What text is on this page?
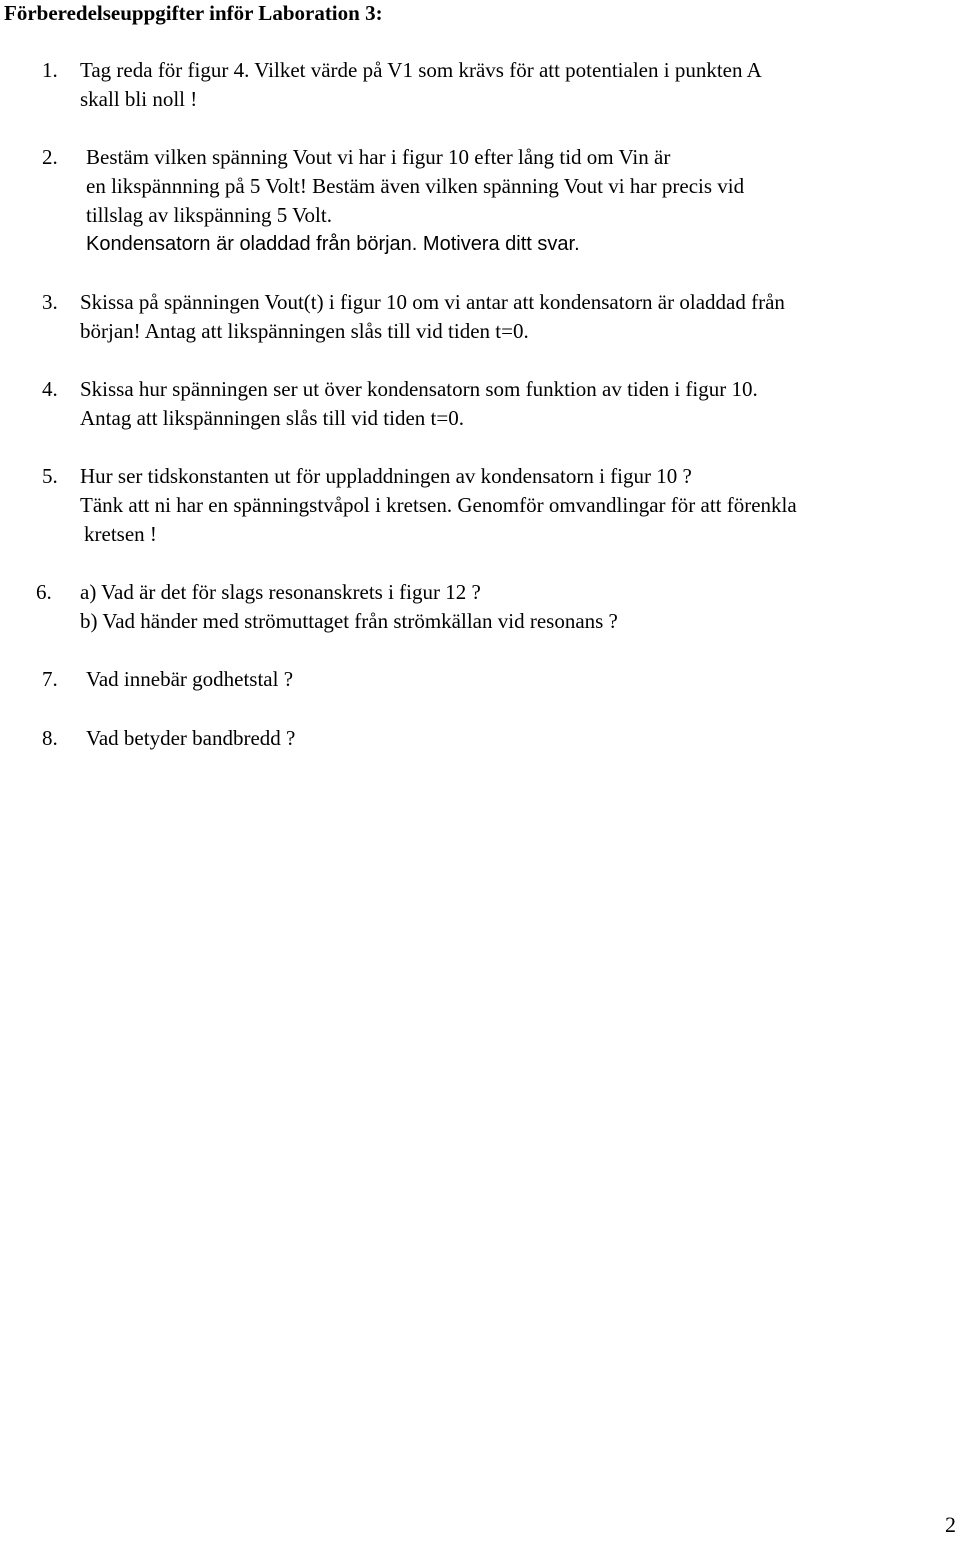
Förberedelseuppgifter inför Laboration 3:
1. Tag reda för figur 4. Vilket värde på V1 som krävs för att potentialen i punkten A
skall bli noll !
2. Bestäm vilken spänning Vout vi har i figur 10 efter lång tid om Vin är
en likspännning på 5 Volt! Bestäm även vilken spänning Vout vi har precis vid
tillslag av likspänning 5 Volt.
Kondensatorn är oladdad från början. Motivera ditt svar.
3. Skissa på spänningen Vout(t) i figur 10 om vi antar att kondensatorn är oladdad från
början! Antag att likspänningen slås till vid tiden t=0.
4. Skissa hur spänningen ser ut över kondensatorn som funktion av tiden i figur 10.
Antag att likspänningen slås till vid tiden t=0.
5. Hur ser tidskonstanten ut för uppladdningen av kondensatorn i figur 10 ?
Tänk att ni har en spänningstvåpol i kretsen. Genomför omvandlingar för att förenkla
kretsen !
6. a) Vad är det för slags resonanskrets i figur 12 ?
b) Vad händer med strömuttaget från strömkällan vid resonans ?
7. Vad innebär godhetstal ?
8. Vad betyder bandbredd ?
2
